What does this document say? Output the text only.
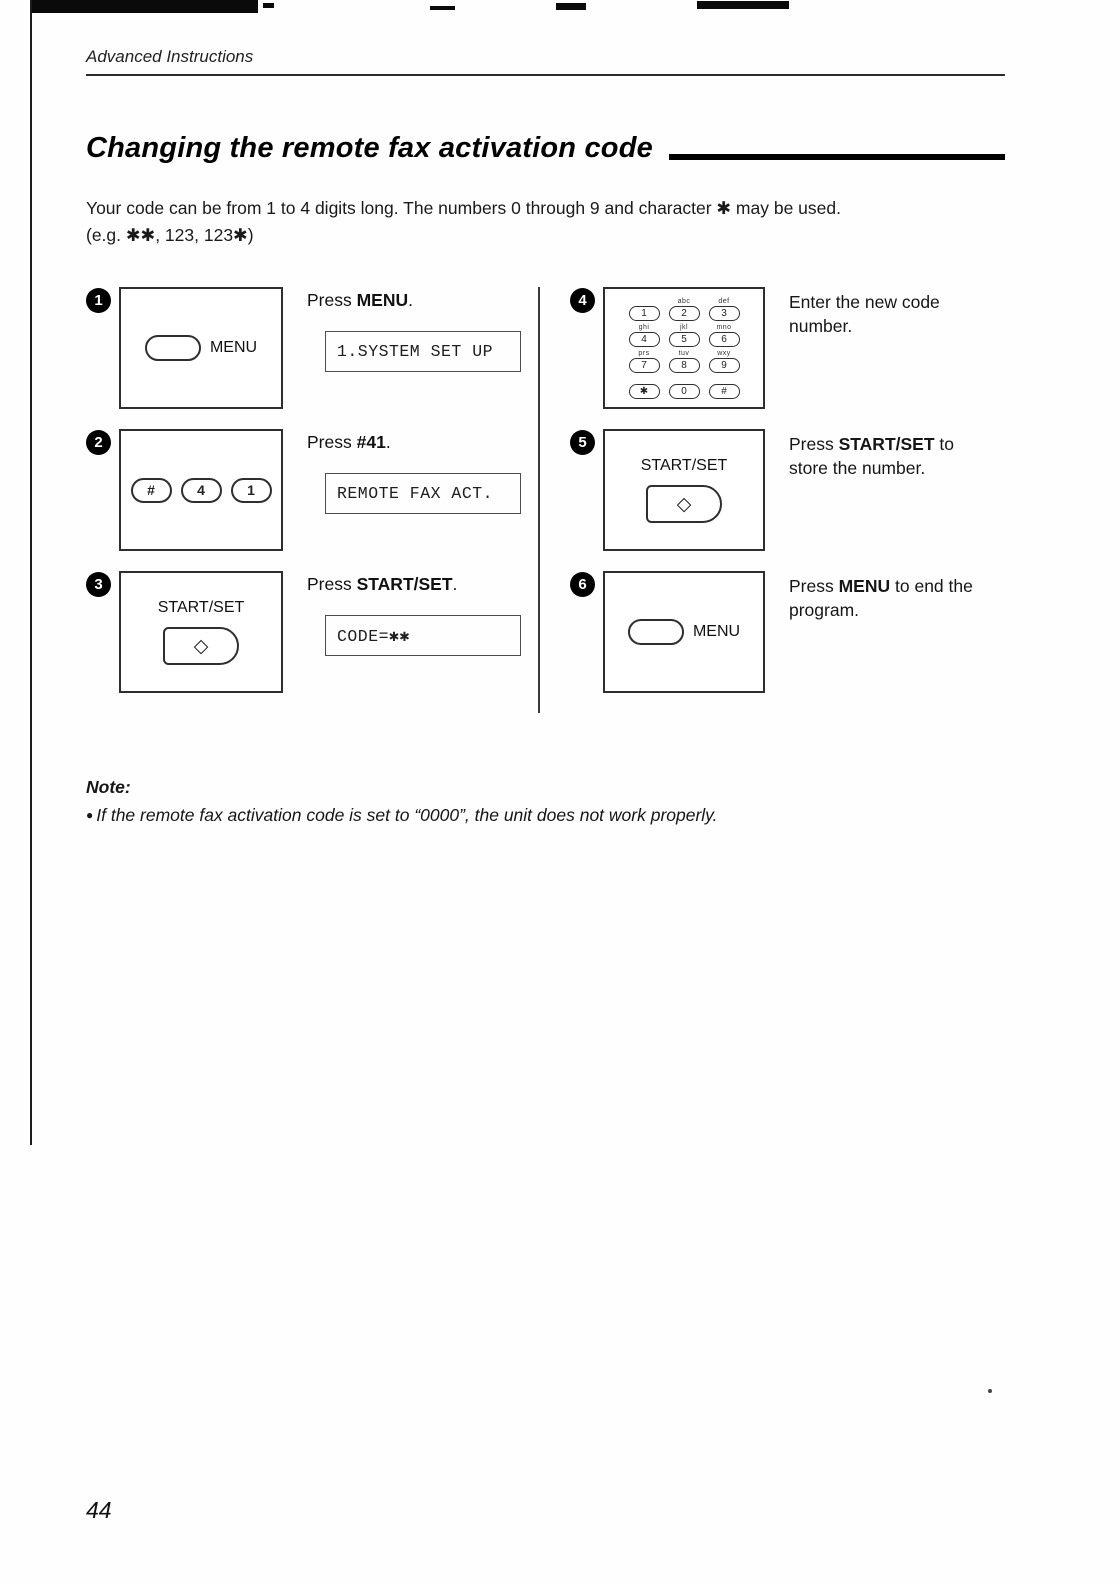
Advanced Instructions
Changing the remote fax activation code

Your code can be from 1 to 4 digits long. The numbers 0 through 9 and character ✱ may be used.

(e.g. ✱✱, 123, 123✱)

1
MENU

Press MENU.

1.SYSTEM SET UP
2
#	4	1

Press #41.

REMOTE FAX ACT.
3
START/SET
◇

Press START/SET.

CODE=✱✱
4
1
abc
2
def
3
ghi
4
jkl
5
mno
6
prs
7
tuv
8
wxy
9
✱	0	#
Enter the new code number.
5
START/SET
◇
Press START/SET to store the number.
6
MENU
Press MENU to end the program.
Note:
● If the remote fax activation code is set to “0000”, the unit does not work properly.
44
